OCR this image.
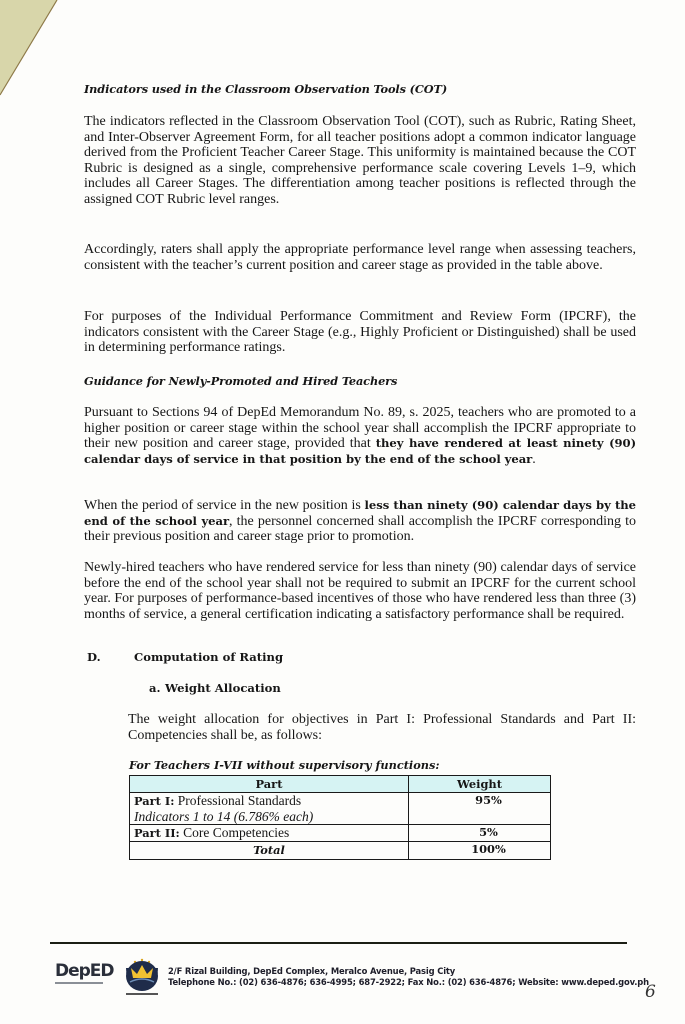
Indicators used in the Classroom Observation Tools (COT)

The indicators reflected in the Classroom Observation Tool (COT), such as Rubric, Rating Sheet, and Inter-Observer Agreement Form, for all teacher positions adopt a common indicator language derived from the Proficient Teacher Career Stage. This uniformity is maintained because the COT Rubric is designed as a single, comprehensive performance scale covering Levels 1–9, which includes all Career Stages. The differentiation among teacher positions is reflected through the assigned COT Rubric level ranges.

Accordingly, raters shall apply the appropriate performance level range when assessing teachers, consistent with the teacher’s current position and career stage as provided in the table above.

For purposes of the Individual Performance Commitment and Review Form (IPCRF), the indicators consistent with the Career Stage (e.g., Highly Proficient or Distinguished) shall be used in determining performance ratings.

Guidance for Newly-Promoted and Hired Teachers

Pursuant to Sections 94 of DepEd Memorandum No. 89, s. 2025, teachers who are promoted to a higher position or career stage within the school year shall accomplish the IPCRF appropriate to their new position and career stage, provided that they have rendered at least ninety (90) calendar days of service in that position by the end of the school year.

When the period of service in the new position is less than ninety (90) calendar days by the end of the school year, the personnel concerned shall accomplish the IPCRF corresponding to their previous position and career stage prior to promotion.

Newly-hired teachers who have rendered service for less than ninety (90) calendar days of service before the end of the school year shall not be required to submit an IPCRF for the current school year. For purposes of performance-based incentives of those who have rendered less than three (3) months of service, a general certification indicating a satisfactory performance shall be required.

D.	Computation of Rating
a. Weight Allocation

The weight allocation for objectives in Part I: Professional Standards and Part II: Competencies shall be, as follows:

For Teachers I-VII without supervisory functions:

Part	Weight
Part I: Professional Standards
Indicators 1 to 14 (6.786% each)	95%
Part II: Core Competencies	5%
Total	100%
DepED	2/F Rizal Building, DepEd Complex, Meralco Avenue, Pasig City
Telephone No.: (02) 636-4876; 636-4995; 687-2922; Fax No.: (02) 636-4876; Website: www.deped.gov.ph

6
